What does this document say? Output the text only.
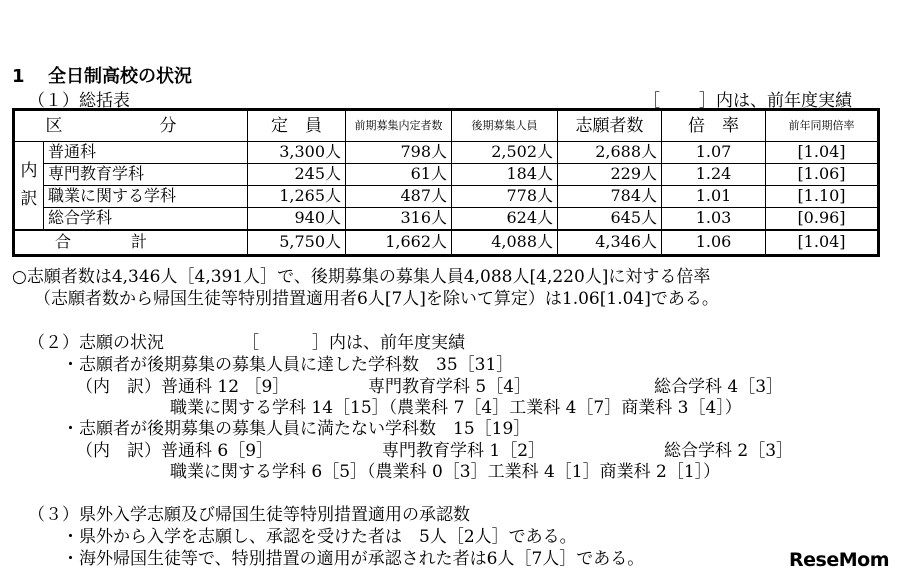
1 全日制高校の状況
（１）総括表	［ ］内は、前年度実績
区　分		定　員	前期募集内定者数	後期募集人員	志願者数	倍　率	前年同期倍率

内
訳	普通科	3,300人	798人	2,502人	2,688人	1.07	[1.04]
	専門教育学科	245人	61人	184人	229人	1.24	[1.06]
	職業に関する学科	1,265人	487人	778人	784人	1.01	[1.10]
	総合学科	940人	316人	624人	645人	1.03	[0.96]
合計		5,750人	1,662人	4,088人	4,346人	1.06	[1.04]
○志願者数は4,346人［4,391人］で、後期募集の募集人員4,088人[4,220人]に対する倍率
（志願者数から帰国生徒等特別措置適用者6人[7人]を除いて算定）は1.06[1.04]である。
（２）志願の状況	［	］内は、前年度実績
・志願者が後期募集の募集人員に達した学科数　35［31］
（内　訳）普通科 12 ［9］	専門教育学科 5［4］	総合学科 4［3］
職業に関する学科 14［15］（農業科 7［4］工業科 4［7］商業科 3［4］）
・志願者が後期募集の募集人員に満たない学科数　15［19］
（内　訳）普通科 6［9］	専門教育学科 1［2］	総合学科 2［3］
職業に関する学科 6［5］（農業科 0［3］工業科 4［1］商業科 2［1］）
（３）県外入学志願及び帰国生徒等特別措置適用の承認数
・県外から入学を志願し、承認を受けた者は　5人［2人］である。
・海外帰国生徒等で、特別措置の適用が承認された者は6人［7人］である。	ReseMom
